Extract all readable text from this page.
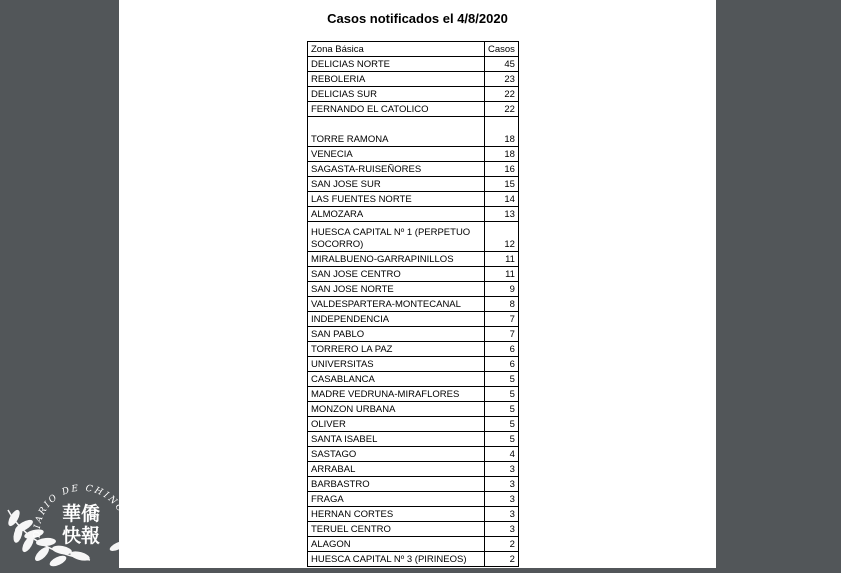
Casos notificados el 4/8/2020
Zona Básica	Casos
DELICIAS NORTE	45
REBOLERIA	23
DELICIAS SUR	22
FERNANDO EL CATOLICO	22
TORRE RAMONA	18
VENECIA	18
SAGASTA-RUISEÑORES	16
SAN JOSE SUR	15
LAS FUENTES NORTE	14
ALMOZARA	13
HUESCA CAPITAL Nº 1 (PERPETUO SOCORRO)	12
MIRALBUENO-GARRAPINILLOS	11
SAN JOSE CENTRO	11
SAN JOSE NORTE	9
VALDESPARTERA-MONTECANAL	8
INDEPENDENCIA	7
SAN PABLO	7
TORRERO LA PAZ	6
UNIVERSITAS	6
CASABLANCA	5
MADRE VEDRUNA-MIRAFLORES	5
MONZON URBANA	5
OLIVER	5
SANTA ISABEL	5
SASTAGO	4
ARRABAL	3
BARBASTRO	3
FRAGA	3
HERNAN CORTES	3
TERUEL CENTRO	3
ALAGON	2
HUESCA CAPITAL Nº 3 (PIRINEOS)	2
DIARIO DE CHINOS
華僑
快報
